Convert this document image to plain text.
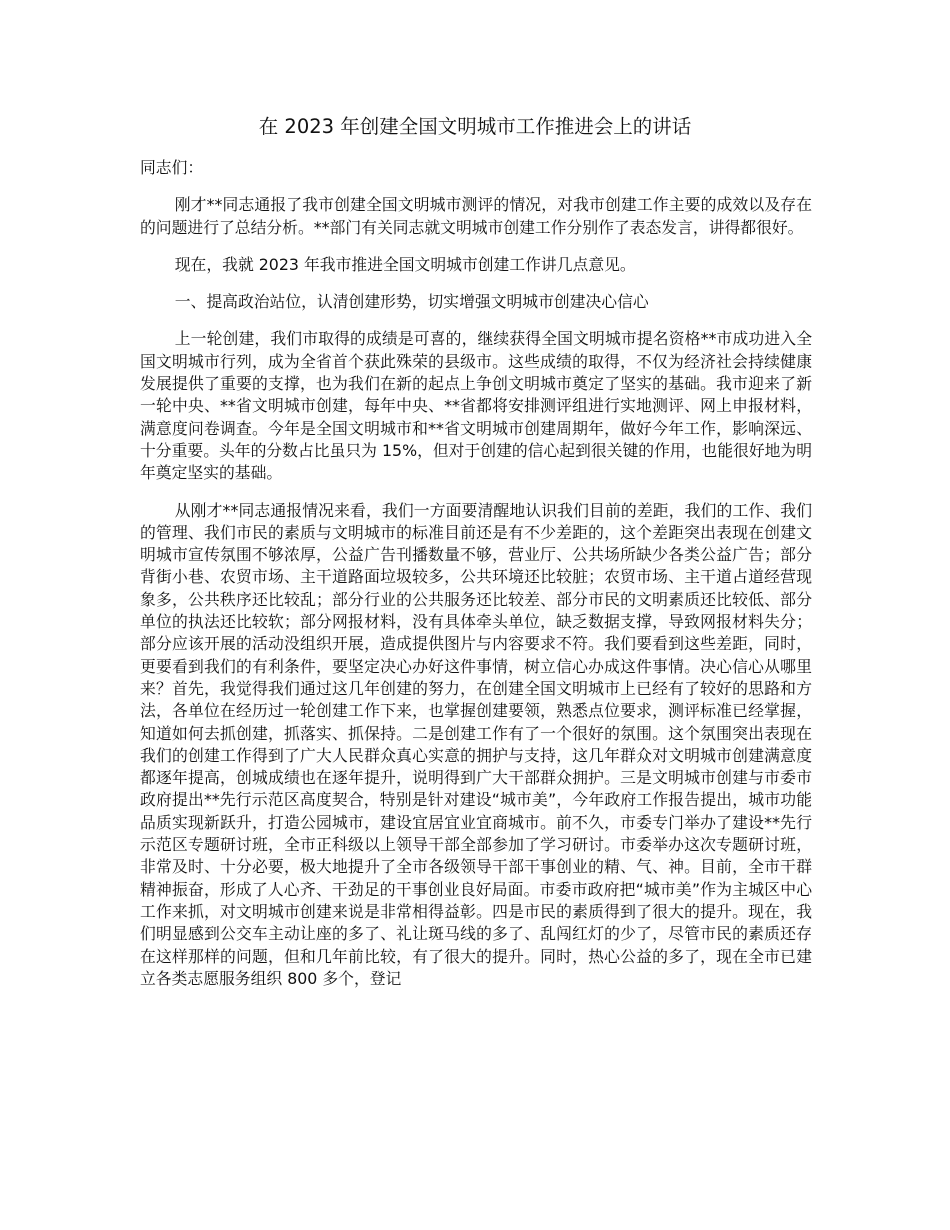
在 2023 年创建全国文明城市工作推进会上的讲话

同志们：

刚才**同志通报了我市创建全国文明城市测评的情况，对我市创建工作主要的成效以及存在的问题进行了总结分析。**部门有关同志就文明城市创建工作分别作了表态发言，讲得都很好。

现在，我就 2023 年我市推进全国文明城市创建工作讲几点意见。

一、提高政治站位，认清创建形势，切实增强文明城市创建决心信心

上一轮创建，我们市取得的成绩是可喜的，继续获得全国文明城市提名资格**市成功进入全国文明城市行列，成为全省首个获此殊荣的县级市。这些成绩的取得，不仅为经济社会持续健康发展提供了重要的支撑，也为我们在新的起点上争创文明城市奠定了坚实的基础。我市迎来了新一轮中央、**省文明城市创建，每年中央、**省都将安排测评组进行实地测评、网上申报材料，满意度问卷调查。今年是全国文明城市和**省文明城市创建周期年，做好今年工作，影响深远、十分重要。头年的分数占比虽只为 15%，但对于创建的信心起到很关键的作用，也能很好地为明年奠定坚实的基础。

从刚才**同志通报情况来看，我们一方面要清醒地认识我们目前的差距，我们的工作、我们的管理、我们市民的素质与文明城市的标准目前还是有不少差距的，这个差距突出表现在创建文明城市宣传氛围不够浓厚，公益广告刊播数量不够，营业厅、公共场所缺少各类公益广告；部分背街小巷、农贸市场、主干道路面垃圾较多，公共环境还比较脏；农贸市场、主干道占道经营现象多，公共秩序还比较乱；部分行业的公共服务还比较差、部分市民的文明素质还比较低、部分单位的执法还比较软；部分网报材料，没有具体牵头单位，缺乏数据支撑，导致网报材料失分；部分应该开展的活动没组织开展，造成提供图片与内容要求不符。我们要看到这些差距，同时，更要看到我们的有利条件，要坚定决心办好这件事情，树立信心办成这件事情。决心信心从哪里来？首先，我觉得我们通过这几年创建的努力，在创建全国文明城市上已经有了较好的思路和方法，各单位在经历过一轮创建工作下来，也掌握创建要领，熟悉点位要求，测评标准已经掌握，知道如何去抓创建，抓落实、抓保持。二是创建工作有了一个很好的氛围。这个氛围突出表现在我们的创建工作得到了广大人民群众真心实意的拥护与支持，这几年群众对文明城市创建满意度都逐年提高，创城成绩也在逐年提升，说明得到广大干部群众拥护。三是文明城市创建与市委市政府提出**先行示范区高度契合，特别是针对建设“城市美”，今年政府工作报告提出，城市功能品质实现新跃升，打造公园城市，建设宜居宜业宜商城市。前不久，市委专门举办了建设**先行示范区专题研讨班，全市正科级以上领导干部全部参加了学习研讨。市委举办这次专题研讨班，非常及时、十分必要，极大地提升了全市各级领导干部干事创业的精、气、神。目前，全市干群精神振奋，形成了人心齐、干劲足的干事创业良好局面。市委市政府把“城市美”作为主城区中心工作来抓，对文明城市创建来说是非常相得益彰。四是市民的素质得到了很大的提升。现在，我们明显感到公交车主动让座的多了、礼让斑马线的多了、乱闯红灯的少了，尽管市民的素质还存在这样那样的问题，但和几年前比较，有了很大的提升。同时，热心公益的多了，现在全市已建立各类志愿服务组织 800 多个，登记
